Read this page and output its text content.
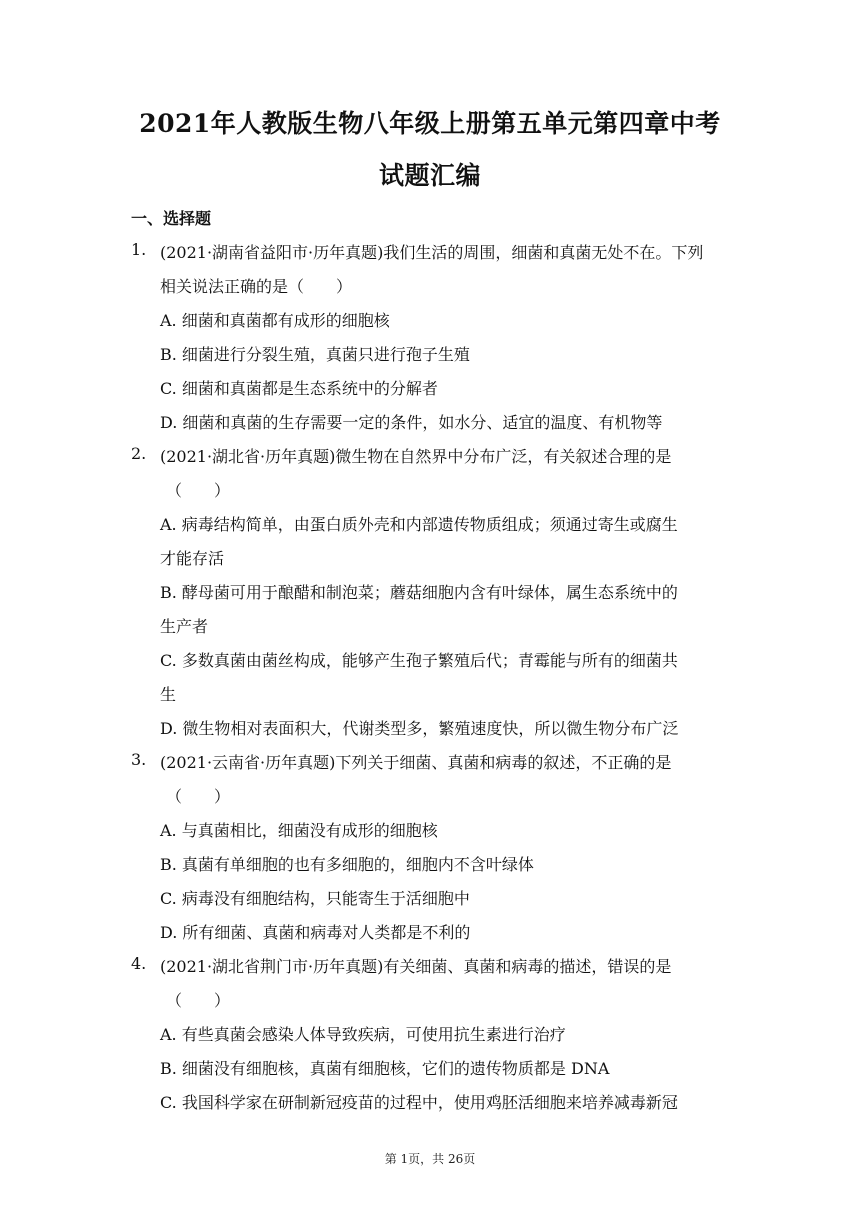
2021年人教版生物八年级上册第五单元第四章中考
试题汇编
一、选择题
1. (2021·湖南省益阳市·历年真题)我们生活的周围，细菌和真菌无处不在。下列
相关说法正确的是（　　）
A. 细菌和真菌都有成形的细胞核
B. 细菌进行分裂生殖，真菌只进行孢子生殖
C. 细菌和真菌都是生态系统中的分解者
D. 细菌和真菌的生存需要一定的条件，如水分、适宜的温度、有机物等
2. (2021·湖北省·历年真题)微生物在自然界中分布广泛，有关叙述合理的是
（　　）
A. 病毒结构简单，由蛋白质外壳和内部遗传物质组成；须通过寄生或腐生
才能存活
B. 酵母菌可用于酿醋和制泡菜；蘑菇细胞内含有叶绿体，属生态系统中的
生产者
C. 多数真菌由菌丝构成，能够产生孢子繁殖后代；青霉能与所有的细菌共
生
D. 微生物相对表面积大，代谢类型多，繁殖速度快，所以微生物分布广泛
3. (2021·云南省·历年真题)下列关于细菌、真菌和病毒的叙述，不正确的是
（　　）
A. 与真菌相比，细菌没有成形的细胞核
B. 真菌有单细胞的也有多细胞的，细胞内不含叶绿体
C. 病毒没有细胞结构，只能寄生于活细胞中
D. 所有细菌、真菌和病毒对人类都是不利的
4. (2021·湖北省荆门市·历年真题)有关细菌、真菌和病毒的描述，错误的是
（　　）
A. 有些真菌会感染人体导致疾病，可使用抗生素进行治疗
B. 细菌没有细胞核，真菌有细胞核，它们的遗传物质都是 DNA
C. 我国科学家在研制新冠疫苗的过程中，使用鸡胚活细胞来培养减毒新冠
第 1页，共 26页
